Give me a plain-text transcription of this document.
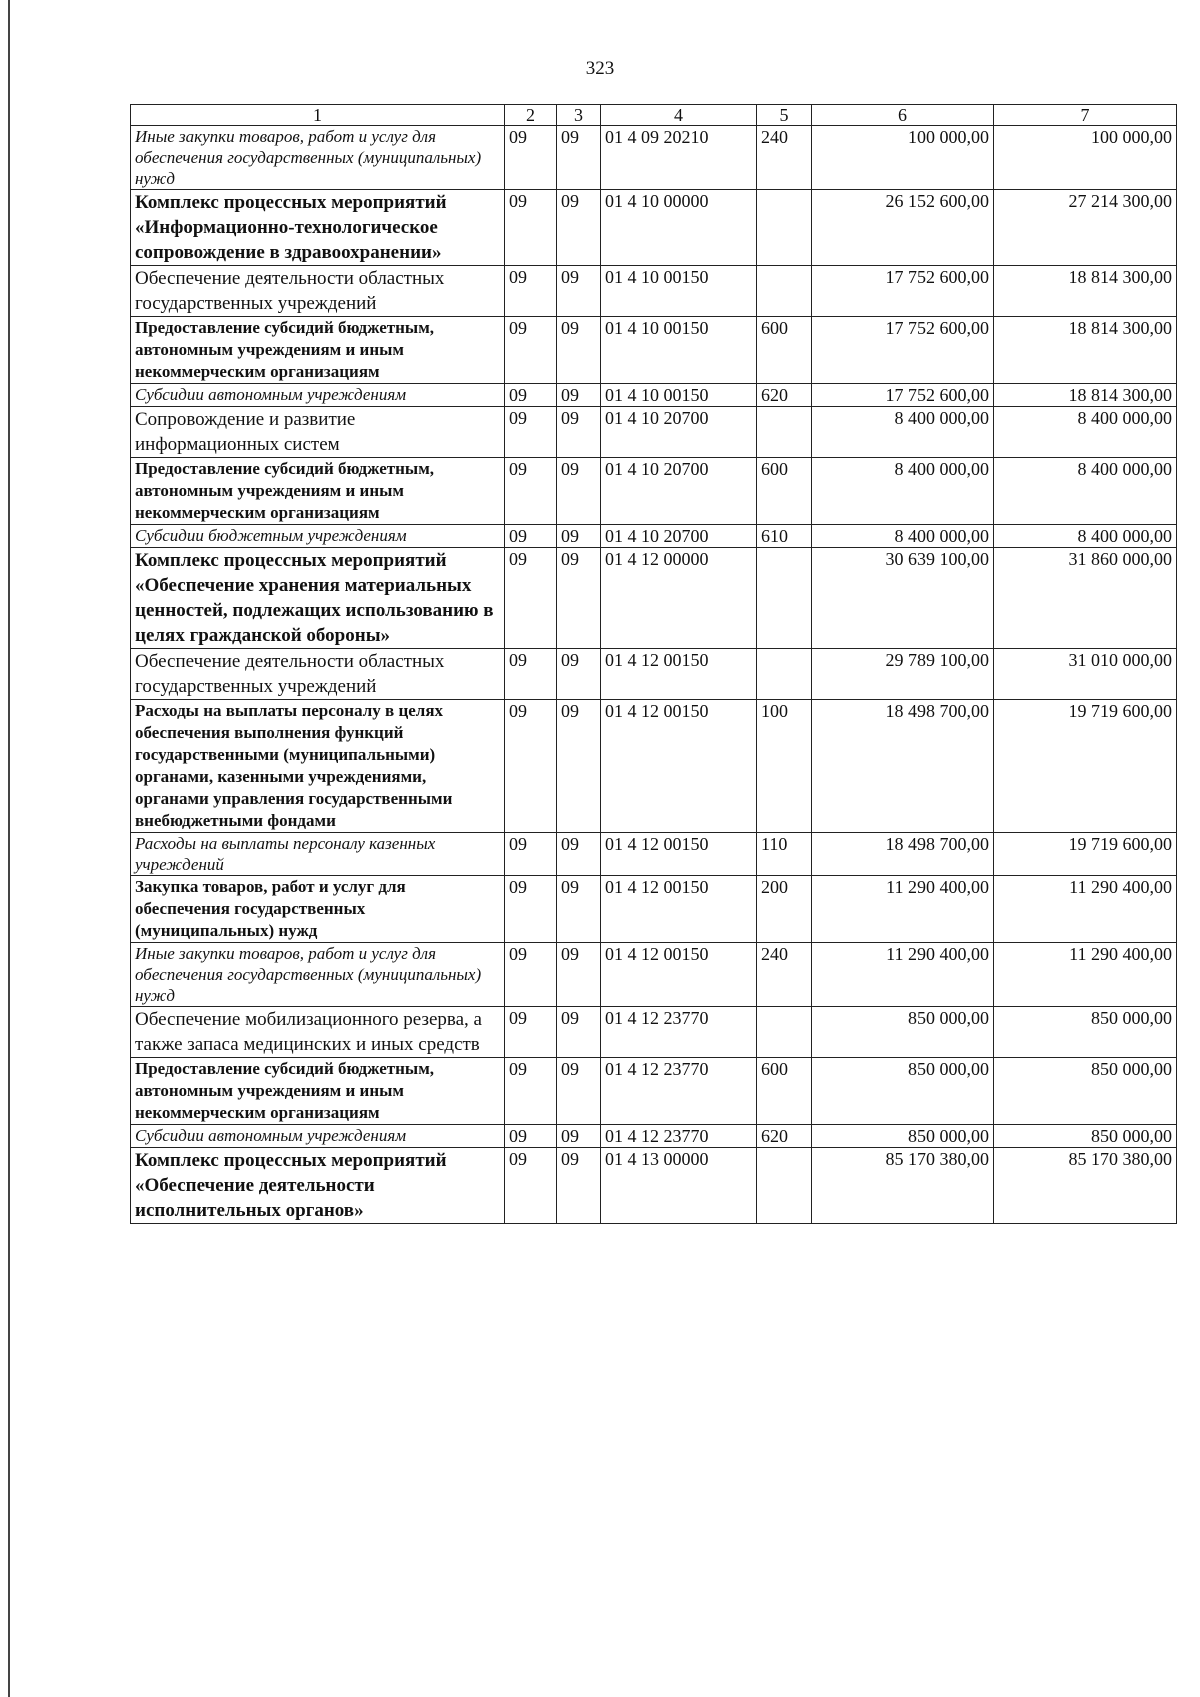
323
1	2	3	4	5	6	7
Иные закупки товаров, работ и услуг для обеспечения государственных (муниципальных) нужд	09	09	01 4 09 20210	240	100 000,00	100 000,00
Комплекс процессных мероприятий «Информационно-технологическое сопровождение в здравоохранении»	09	09	01 4 10 00000		26 152 600,00	27 214 300,00
Обеспечение деятельности областных государственных учреждений	09	09	01 4 10 00150		17 752 600,00	18 814 300,00
Предоставление субсидий бюджетным, автономным учреждениям и иным некоммерческим организациям	09	09	01 4 10 00150	600	17 752 600,00	18 814 300,00
Субсидии автономным учреждениям	09	09	01 4 10 00150	620	17 752 600,00	18 814 300,00
Сопровождение и развитие информационных систем	09	09	01 4 10 20700		8 400 000,00	8 400 000,00
Предоставление субсидий бюджетным, автономным учреждениям и иным некоммерческим организациям	09	09	01 4 10 20700	600	8 400 000,00	8 400 000,00
Субсидии бюджетным учреждениям	09	09	01 4 10 20700	610	8 400 000,00	8 400 000,00
Комплекс процессных мероприятий «Обеспечение хранения материальных ценностей, подлежащих использованию в целях гражданской обороны»	09	09	01 4 12 00000		30 639 100,00	31 860 000,00
Обеспечение деятельности областных государственных учреждений	09	09	01 4 12 00150		29 789 100,00	31 010 000,00
Расходы на выплаты персоналу в целях обеспечения выполнения функций государственными (муниципальными) органами, казенными учреждениями, органами управления государственными внебюджетными фондами	09	09	01 4 12 00150	100	18 498 700,00	19 719 600,00
Расходы на выплаты персоналу казенных учреждений	09	09	01 4 12 00150	110	18 498 700,00	19 719 600,00
Закупка товаров, работ и услуг для обеспечения государственных (муниципальных) нужд	09	09	01 4 12 00150	200	11 290 400,00	11 290 400,00
Иные закупки товаров, работ и услуг для обеспечения государственных (муниципальных) нужд	09	09	01 4 12 00150	240	11 290 400,00	11 290 400,00
Обеспечение мобилизационного резерва, а также запаса медицинских и иных средств	09	09	01 4 12 23770		850 000,00	850 000,00
Предоставление субсидий бюджетным, автономным учреждениям и иным некоммерческим организациям	09	09	01 4 12 23770	600	850 000,00	850 000,00
Субсидии автономным учреждениям	09	09	01 4 12 23770	620	850 000,00	850 000,00
Комплекс процессных мероприятий «Обеспечение деятельности исполнительных органов»	09	09	01 4 13 00000		85 170 380,00	85 170 380,00
